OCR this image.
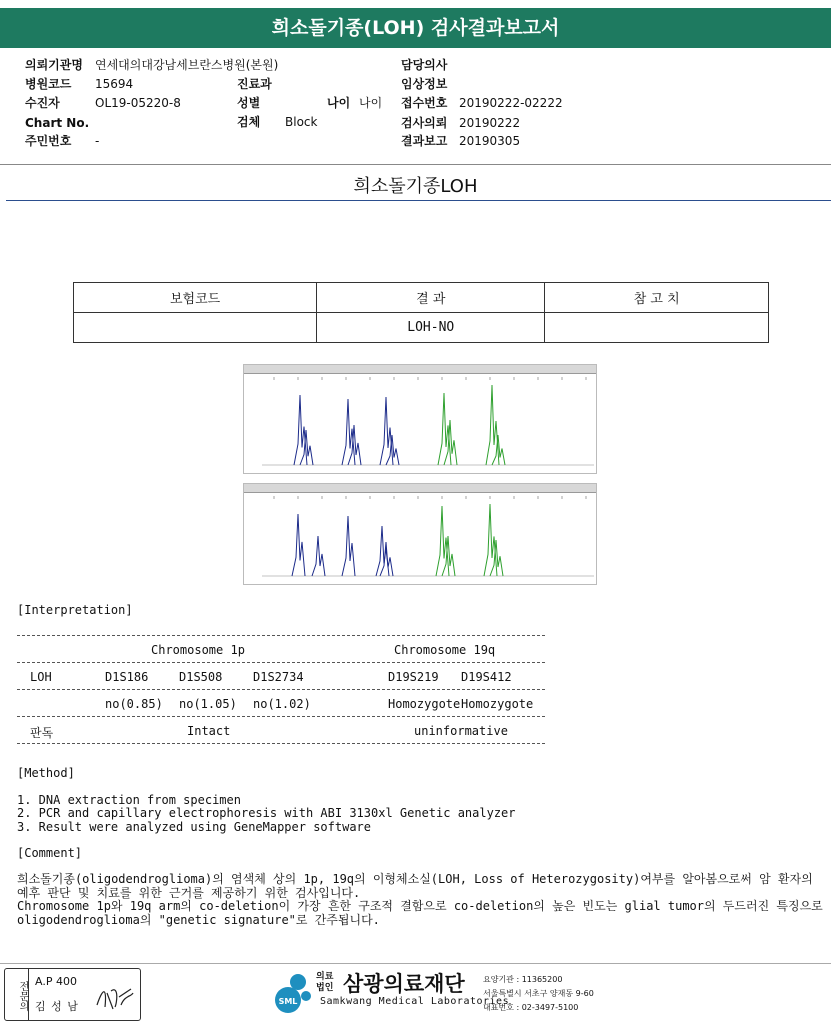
희소돌기종(LOH) 검사결과보고서
의뢰기관명 연세대의대강남세브란스병원(본원)
병원코드 15694
수진자	OL19-05220-8
Chart No.
주민번호 -
진료과
성별	나이 나이
검체 Block
담당의사
임상정보
접수번호 20190222-02222
검사의뢰 20190222
결과보고 20190305
희소돌기종LOH
보험코드	결 과	참 고 치
	LOH-NO	
[Interpretation]
Chromosome 1p	Chromosome 19q
LOH	D1S186	D1S508	D1S2734	D19S219 D19S412
no(0.85) no(1.05) no(1.02)	Homozygote Homozygote
판독	Intact	uninformative
[Method]
1. DNA extraction from specimen
2. PCR and capillary electrophoresis with ABI 3130xl Genetic analyzer
3. Result were analyzed using GeneMapper software
[Comment]
희소돌기종(oligodendroglioma)의 염색체 상의 1p, 19q의 이형체소실(LOH, Loss of Heterozygosity)여부를 알아봄으로써 암 환자의 예후 판단 및 치료를 위한 근거를 제공하기 위한 검사입니다.
Chromosome 1p와 19q arm의 co-deletion이 가장 흔한 구조적 결함으로 co-deletion의 높은 빈도는 glial tumor의 두드러진 특징으로 oligodendroglioma의 "genetic signature"로 간주됩니다.
전문의 A.P 400
김 성 남	SML
의료
법인 삼광의료재단
Samkwang Medical Laboratories
요양기관 : 11365200
서울특별시 서초구 양재동 9-60
대표번호 : 02-3497-5100
